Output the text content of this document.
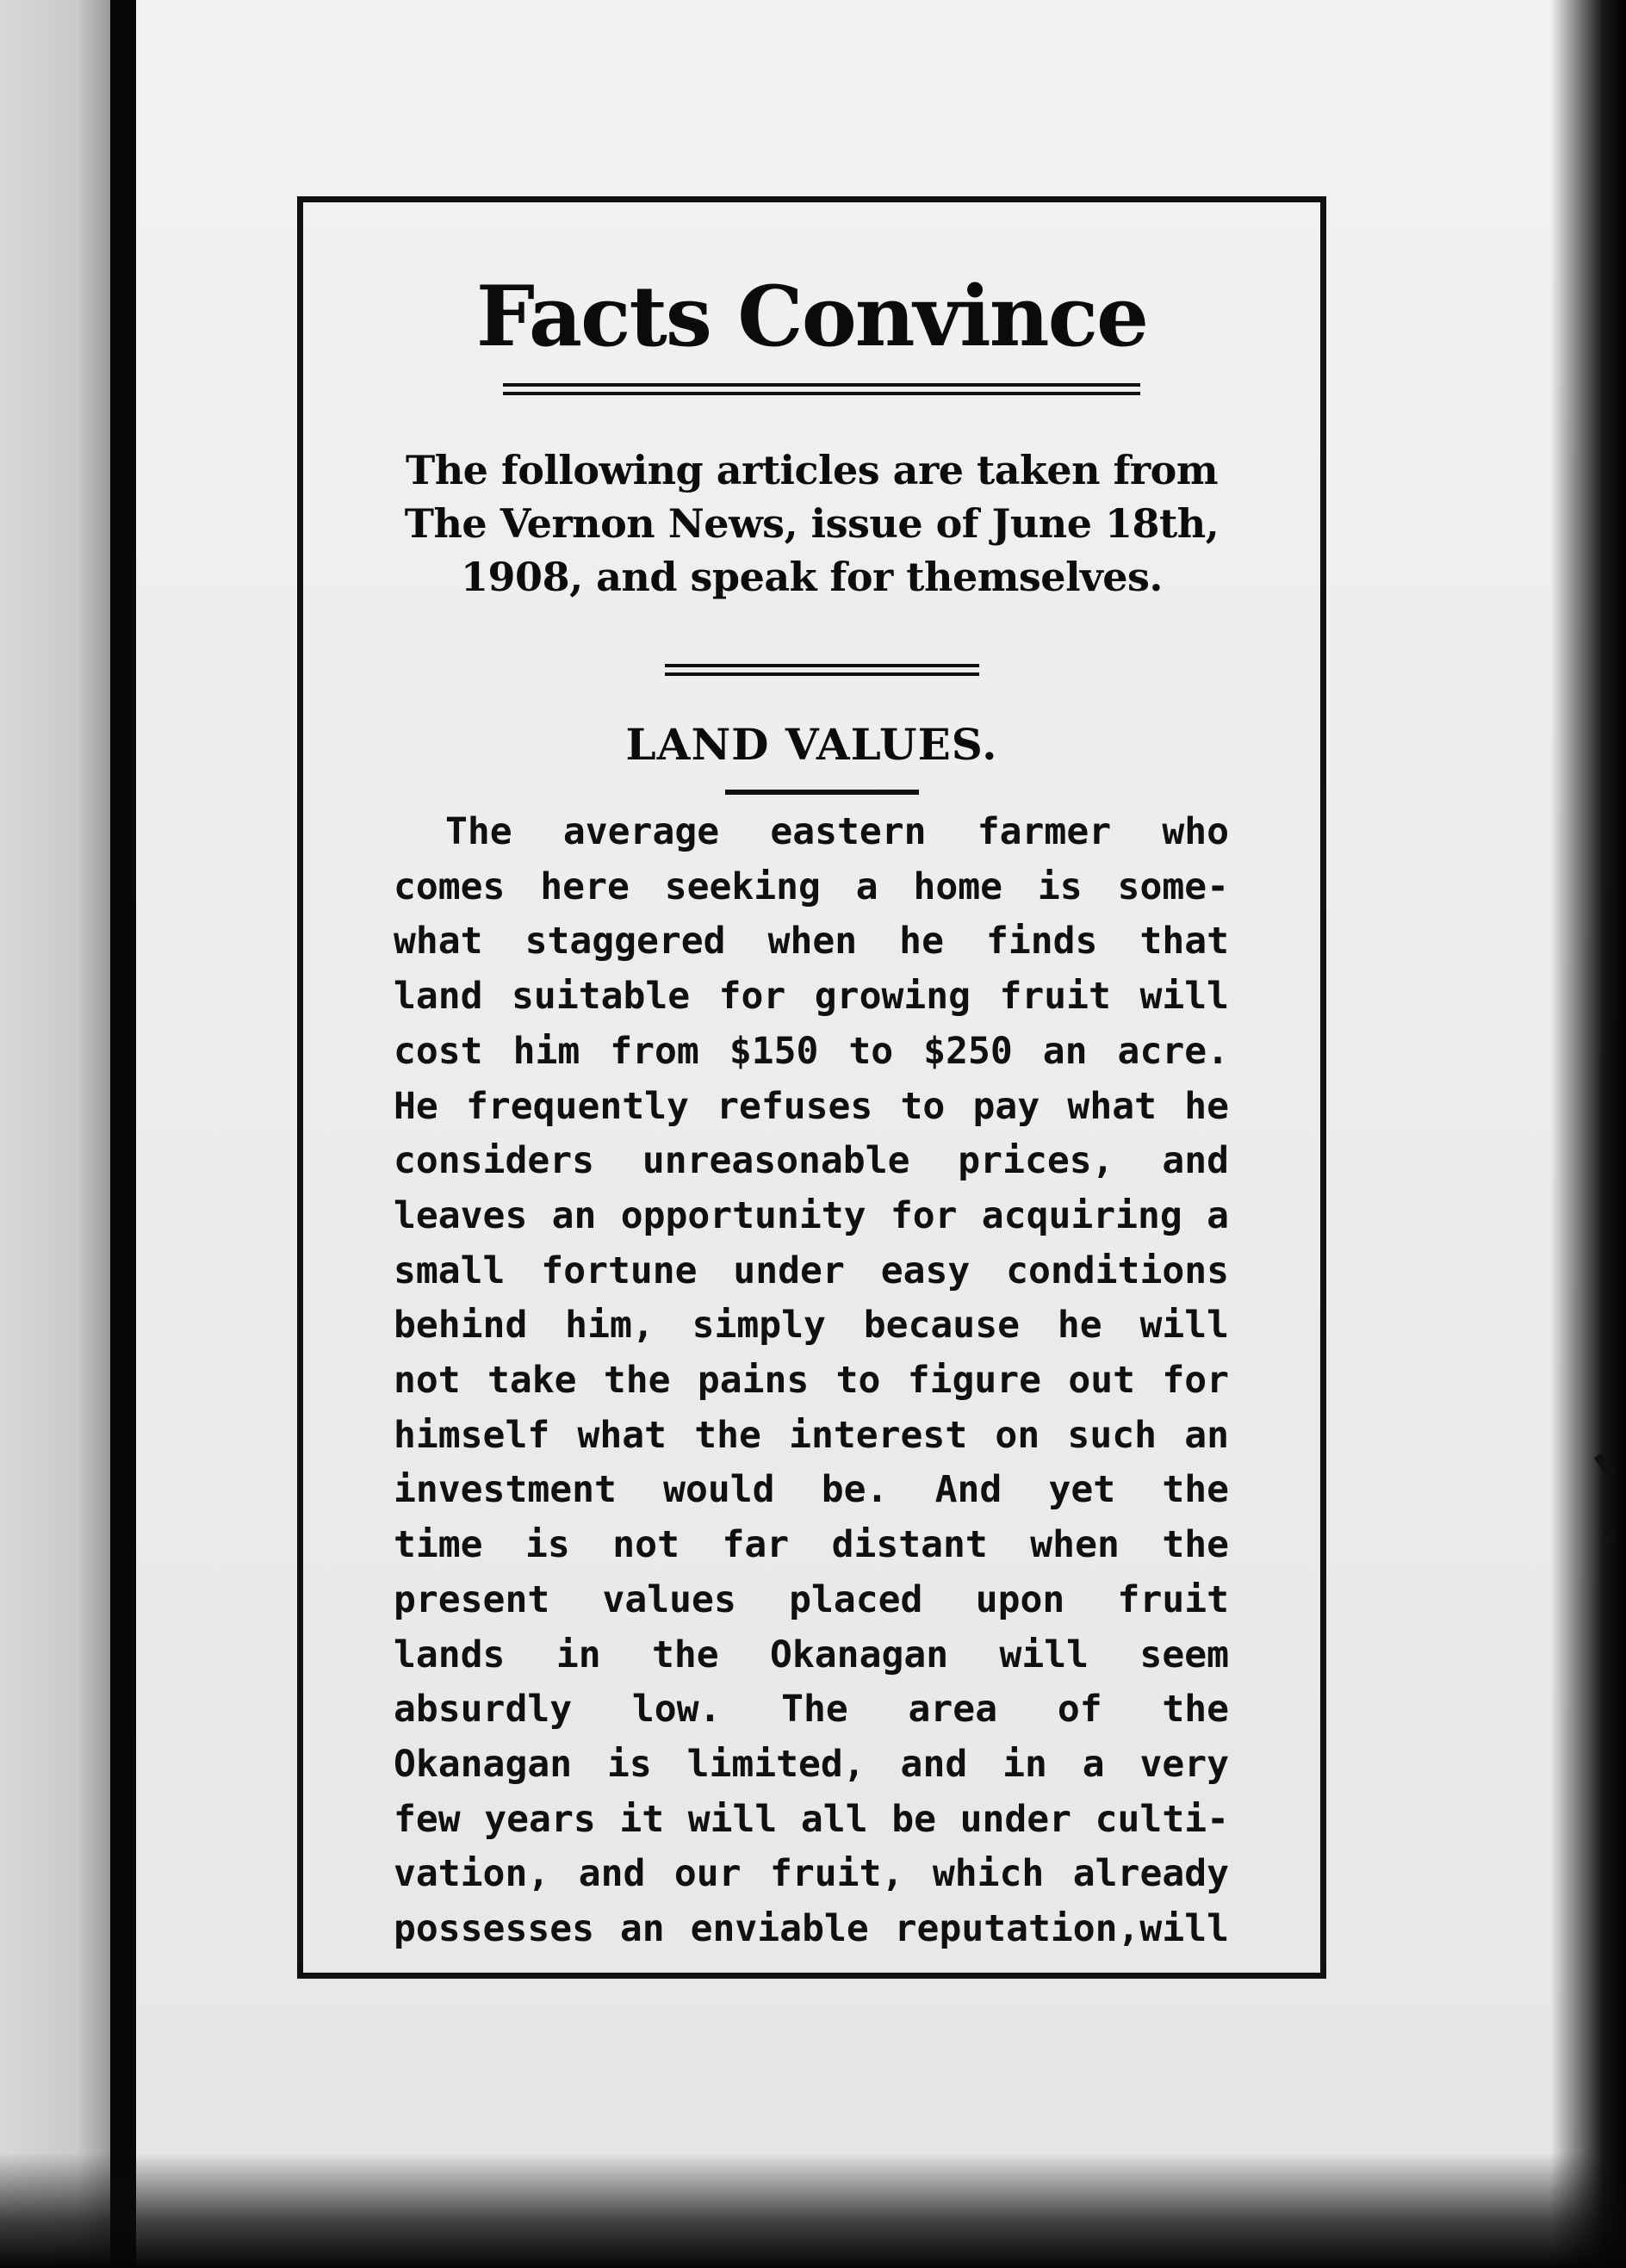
Facts Convince

The following articles are taken from
The Vernon News, issue of June 18th,
1908, and speak for themselves.

LAND VALUES.
The average eastern farmer who
comes here seeking a home is some-
what staggered when he finds that
land suitable for growing fruit will
cost him from $150 to $250 an acre.
He frequently refuses to pay what he
considers unreasonable prices, and
leaves an opportunity for acquiring a
small fortune under easy conditions
behind him, simply because he will
not take the pains to figure out for
himself what the interest on such an
investment would be. And yet the
time is not far distant when the
present values placed upon fruit
lands in the Okanagan will seem
absurdly low. The area of the
Okanagan is limited, and in a very
few years it will all be under culti-
vation, and our fruit, which already
possesses an enviable reputation,will
